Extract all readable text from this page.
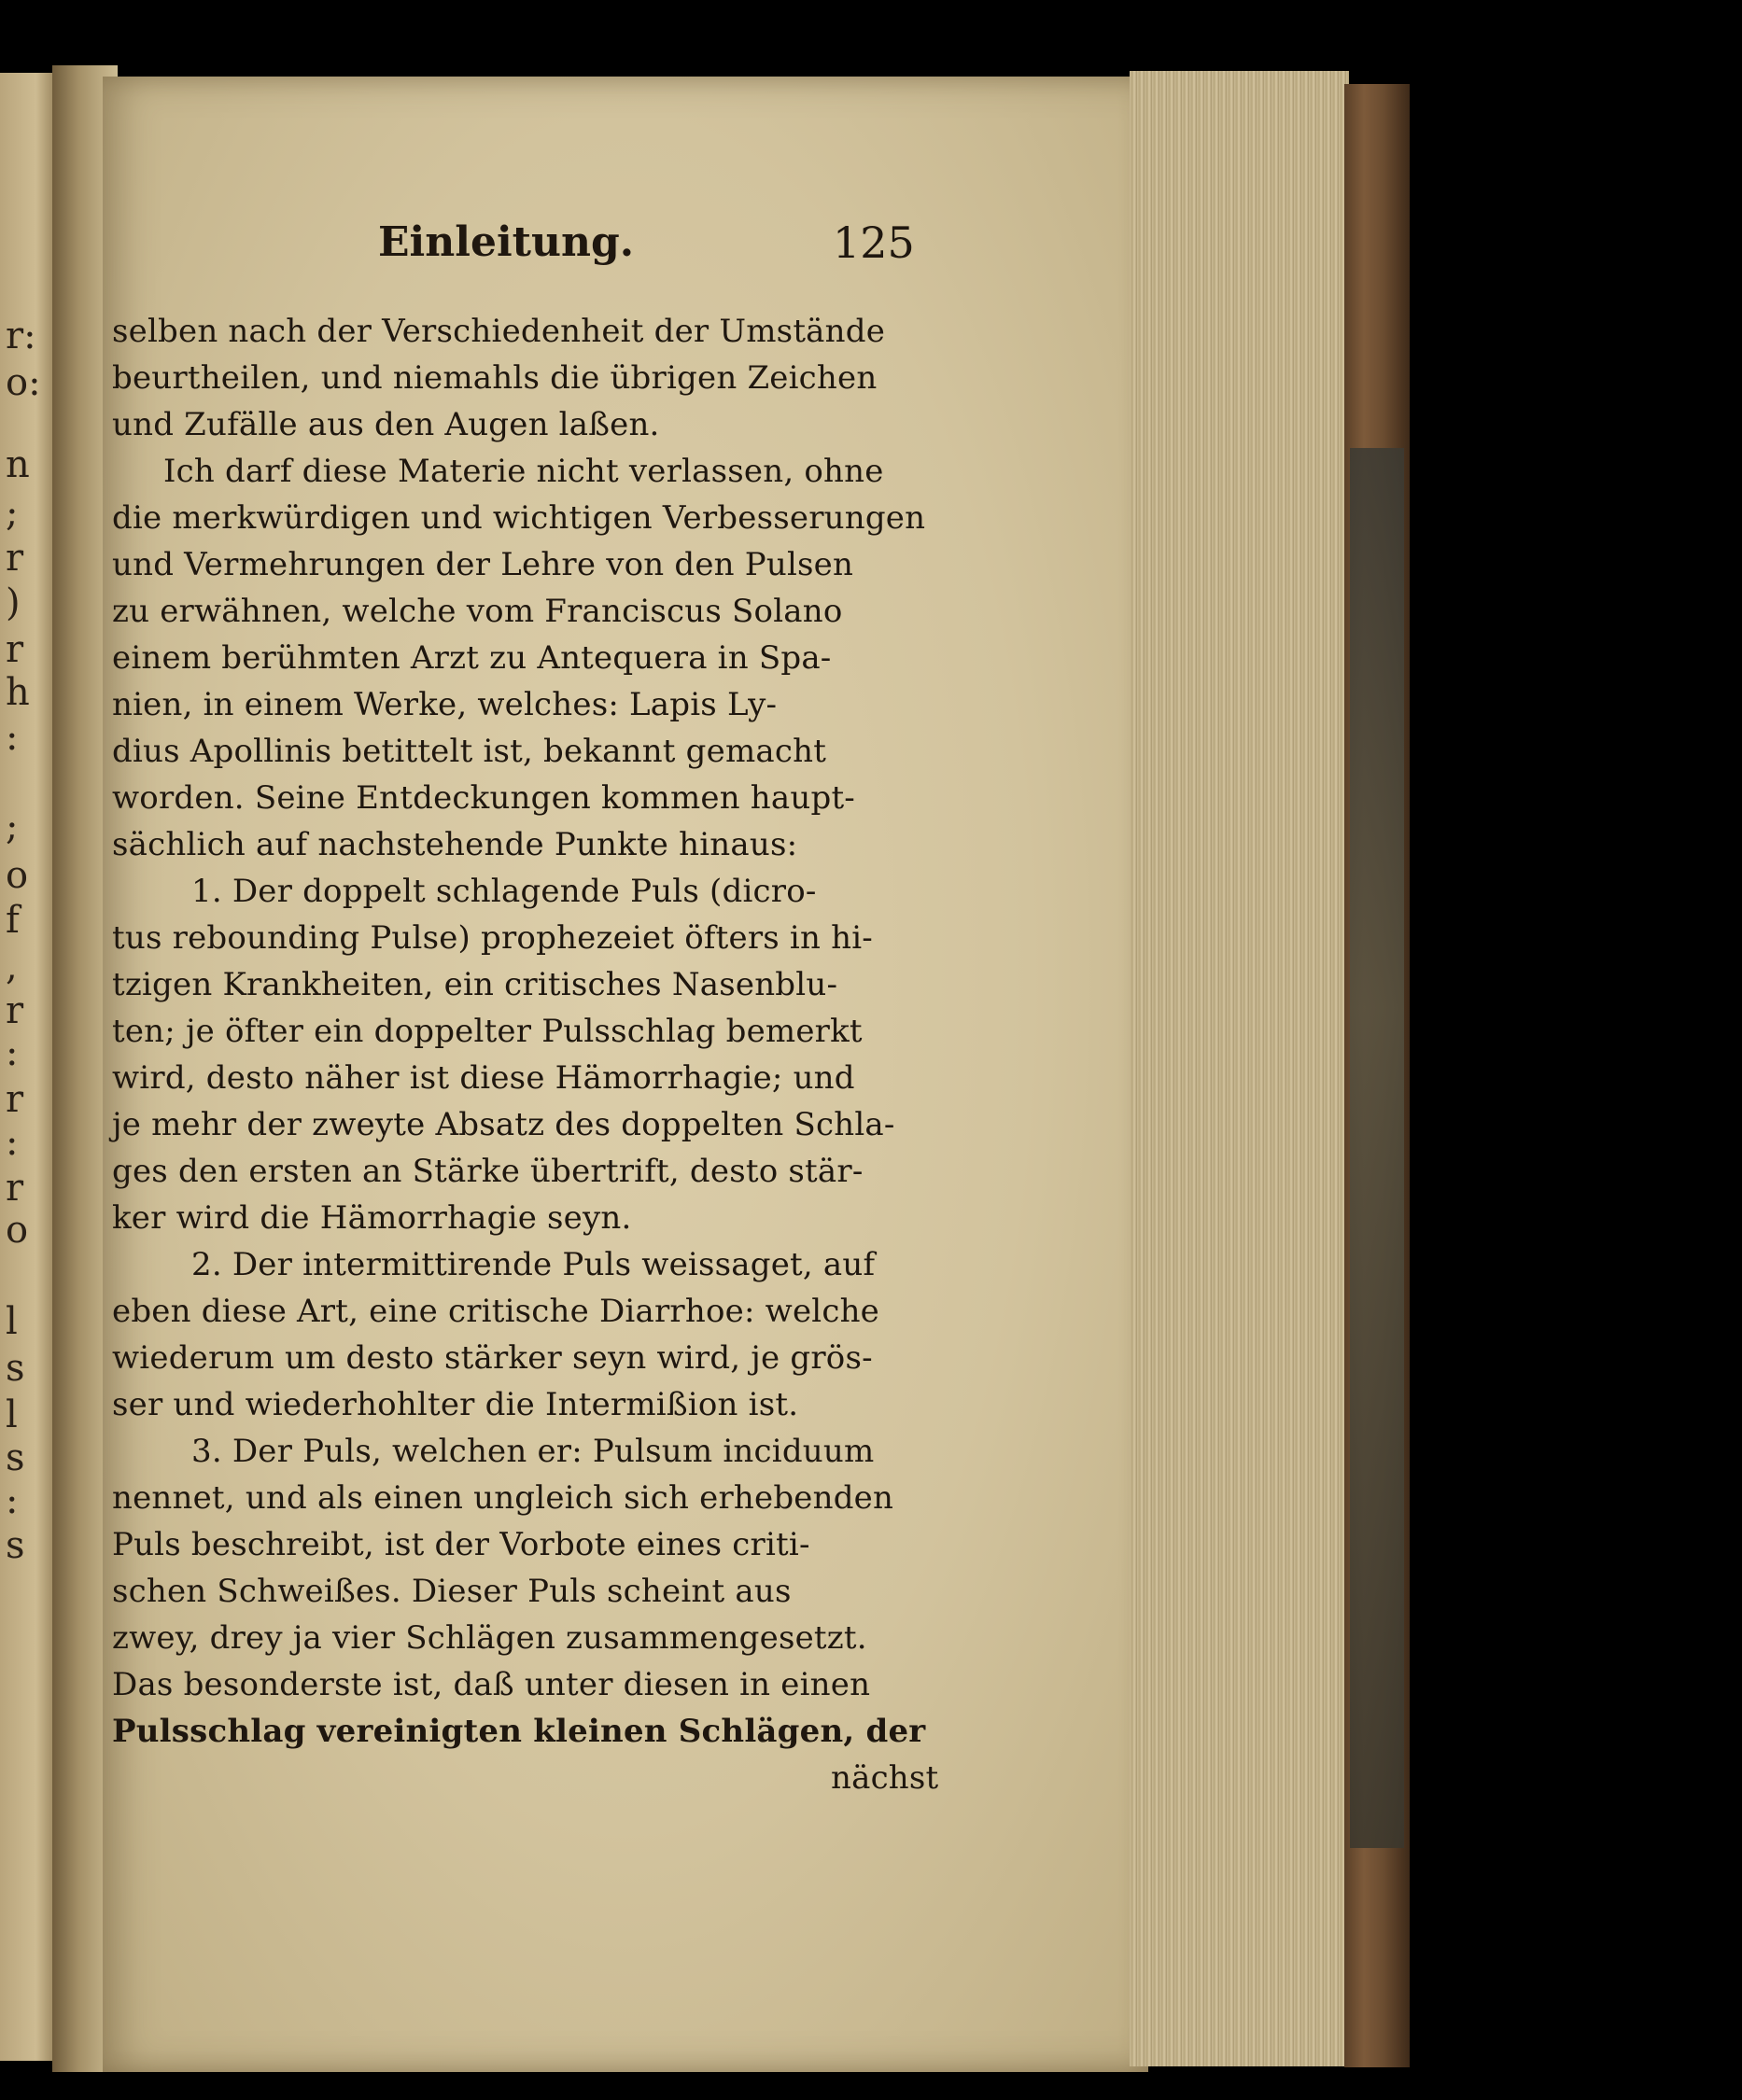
r:
o:
n
;
r
)
r
h
:
;
o
f
,
r
:
r
:
r
o
l
s
l
s
:
s
Einleitung.	125
selben nach der Verschiedenheit der Umstände
beurtheilen, und niemahls die übrigen Zeichen
und Zufälle aus den Augen laßen.
Ich darf diese Materie nicht verlassen, ohne
die merkwürdigen und wichtigen Verbesserungen
und Vermehrungen der Lehre von den Pulsen
zu erwähnen, welche vom Franciscus Solano
einem berühmten Arzt zu Antequera in Spa-
nien, in einem Werke, welches: Lapis Ly-
dius Apollinis betittelt ist, bekannt gemacht
worden. Seine Entdeckungen kommen haupt-
sächlich auf nachstehende Punkte hinaus:
1. Der doppelt schlagende Puls (dicro-
tus rebounding Pulse) prophezeiet öfters in hi-
tzigen Krankheiten, ein critisches Nasenblu-
ten; je öfter ein doppelter Pulsschlag bemerkt
wird, desto näher ist diese Hämorrhagie; und
je mehr der zweyte Absatz des doppelten Schla-
ges den ersten an Stärke übertrift, desto stär-
ker wird die Hämorrhagie seyn.
2. Der intermittirende Puls weissaget, auf
eben diese Art, eine critische Diarrhoe: welche
wiederum um desto stärker seyn wird, je grös-
ser und wiederhohlter die Intermißion ist.
3. Der Puls, welchen er: Pulsum inciduum
nennet, und als einen ungleich sich erhebenden
Puls beschreibt, ist der Vorbote eines criti-
schen Schweißes. Dieser Puls scheint aus
zwey, drey ja vier Schlägen zusammengesetzt.
Das besonderste ist, daß unter diesen in einen
Pulsschlag vereinigten kleinen Schlägen, der
nächst
